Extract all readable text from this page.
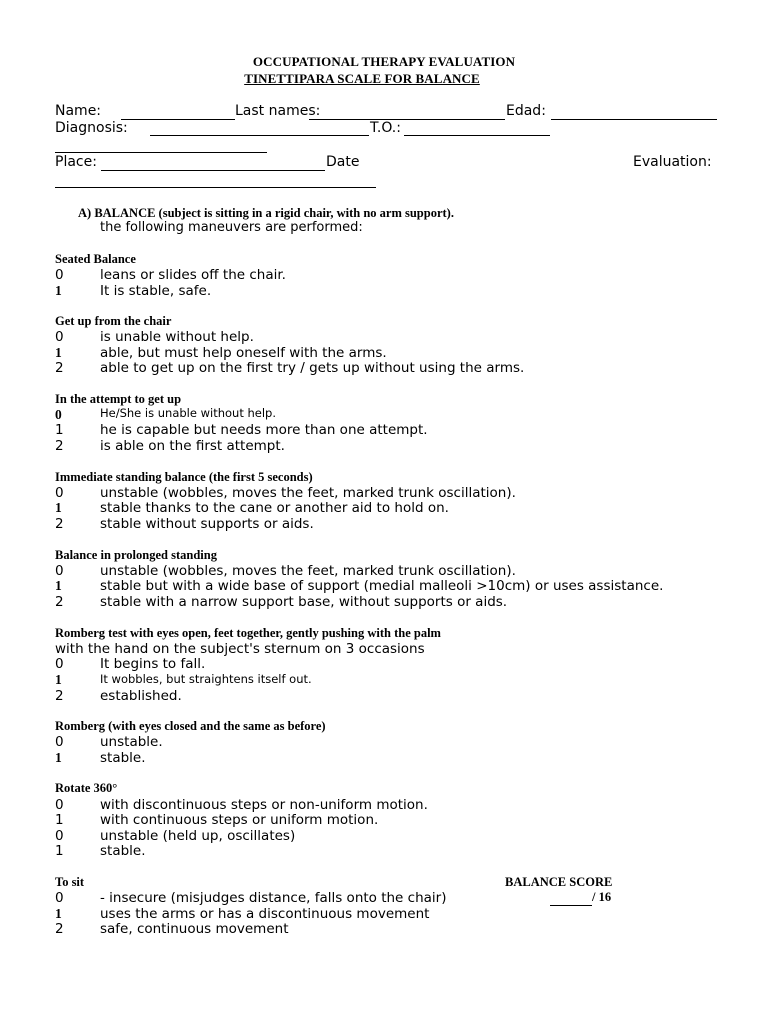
OCCUPATIONAL THERAPY EVALUATION
TINETTIPARA SCALE FOR BALANCE
Name:	Last names:	Edad:
Diagnosis:	T.O.:
Place:	Date	Evaluation:
A) BALANCE (subject is sitting in a rigid chair, with no arm support).
the following maneuvers are performed:
Seated Balance
0	leans or slides off the chair.
1	It is stable, safe.
Get up from the chair
0	is unable without help.
1	able, but must help oneself with the arms.
2	able to get up on the first try / gets up without using the arms.
In the attempt to get up
0	He/She is unable without help.
1	he is capable but needs more than one attempt.
2	is able on the first attempt.
Immediate standing balance (the first 5 seconds)
0	unstable (wobbles, moves the feet, marked trunk oscillation).
1	stable thanks to the cane or another aid to hold on.
2	stable without supports or aids.
Balance in prolonged standing
0	unstable (wobbles, moves the feet, marked trunk oscillation).
1	stable but with a wide base of support (medial malleoli >10cm) or uses assistance.
2	stable with a narrow support base, without supports or aids.
Romberg test with eyes open, feet together, gently pushing with the palm
with the hand on the subject's sternum on 3 occasions
0	It begins to fall.
1	It wobbles, but straightens itself out.
2	established.
Romberg (with eyes closed and the same as before)
0	unstable.
1	stable.
Rotate 360°
0	with discontinuous steps or non-uniform motion.
1	with continuous steps or uniform motion.
0	unstable (held up, oscillates)
1	stable.
To sit
0	- insecure (misjudges distance, falls onto the chair)
1	uses the arms or has a discontinuous movement
2	safe, continuous movement
BALANCE SCORE
/ 16
